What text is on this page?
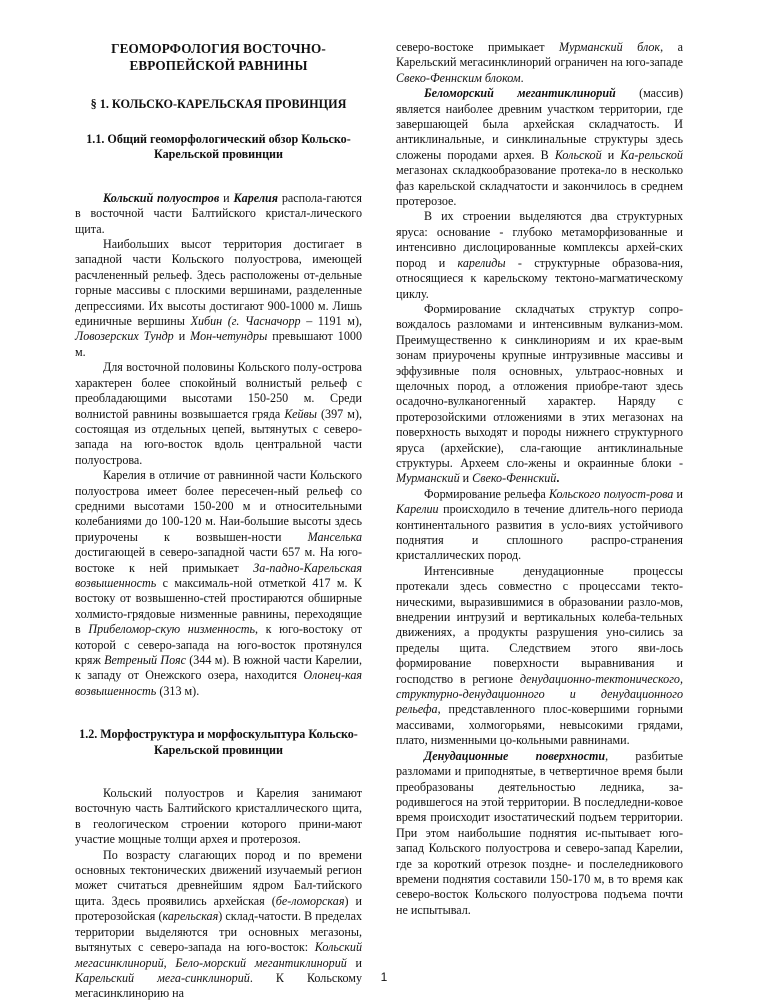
ГЕОМОРФОЛОГИЯ ВОСТОЧНО-ЕВРОПЕЙСКОЙ РАВНИНЫ
§ 1. КОЛЬСКО-КАРЕЛЬСКАЯ ПРОВИНЦИЯ
1.1. Общий геоморфологический обзор Кольско-Карельской провинции

Кольский полуостров и Карелия распола-гаются в восточной части Балтийского кристал-лического щита.

Наибольших высот территория достигает в западной части Кольского полуострова, имеющей расчлененный рельеф. Здесь расположены от-дельные горные массивы с плоскими вершинами, разделенные депрессиями. Их высоты достигают 900-1000 м. Лишь единичные вершины Хибин (г. Часначорр – 1191 м), Ловозерских Тундр и Мон-четундры превышают 1000 м.

Для восточной половины Кольского полу-острова характерен более спокойный волнистый рельеф с преобладающими высотами 150-250 м. Среди волнистой равнины возвышается гряда Кейвы (397 м), состоящая из отдельных цепей, вытянутых с северо-запада на юго-восток вдоль центральной части полуострова.

Карелия в отличие от равнинной части Кольского полуострова имеет более пересечен-ный рельеф со средними высотами 150-200 м и относительными колебаниями до 100-120 м. Наи-большие высоты здесь приурочены к возвышен-ности Манселька достигающей в северо-западной части 657 м. На юго-востоке к ней примыкает За-падно-Карельская возвышенность с максималь-ной отметкой 417 м. К востоку от возвышенно-стей простираются обширные холмисто-грядовые низменные равнины, переходящие в Прибеломор-скую низменность, к юго-востоку от которой с северо-запада на юго-восток протянулся кряж Ветреный Пояс (344 м). В южной части Карелии, к западу от Онежского озера, находится Олонец-кая возвышенность (313 м).

1.2. Морфоструктура и морфоскульптура Кольско-Карельской провинции

Кольский полуостров и Карелия занимают восточную часть Балтийского кристаллического щита, в геологическом строении которого прини-мают участие мощные толщи архея и протерозоя.

По возрасту слагающих пород и по времени основных тектонических движений изучаемый регион может считаться древнейшим ядром Бал-тийского щита. Здесь проявились архейская (бе-ломорская) и протерозойская (карельская) склад-чатости. В пределах территории выделяются три основных мегазоны, вытянутых с северо-запада на юго-восток: Кольский мегасинклинорий, Бело-морский мегантиклинорий и Карельский мега-синклинорий. К Кольскому мегасинклинорию на

северо-востоке примыкает Мурманский блок, а Карельский мегасинклинорий ограничен на юго-западе Свеко-Феннским блоком.

Беломорский мегантиклинорий (массив) является наиболее древним участком территории, где завершающей была архейская складчатость. И антиклинальные, и синклинальные структуры здесь сложены породами архея. В Кольской и Ка-рельской мегазонах складкообразование протека-ло в несколько фаз карельской складчатости и закончилось в среднем протерозое.

В их строении выделяются два структурных яруса: основание - глубоко метаморфизованные и интенсивно дислоцированные комплексы архей-ских пород и карелиды - структурные образова-ния, относящиеся к карельскому тектоно-магматическому циклу.

Формирование складчатых структур сопро-вождалось разломами и интенсивным вулканиз-мом. Преимущественно к синклинориям и их крае-вым зонам приурочены крупные интрузивные массивы и эффузивные поля основных, ультраос-новных и щелочных пород, а отложения приобре-тают здесь осадочно-вулканогенный характер. Наряду с протерозойскими отложениями в этих мегазонах на поверхность выходят и породы нижнего структурного яруса (архейские), сла-гающие антиклинальные структуры. Археем сло-жены и окраинные блоки - Мурманский и Свеко-Феннский.

Формирование рельефа Кольского полуост-рова и Карелии происходило в течение длитель-ного периода континентального развития в усло-виях устойчивого поднятия и сплошного распро-странения кристаллических пород.

Интенсивные денудационные процессы протекали здесь совместно с процессами текто-ническими, выразившимися в образовании разло-мов, внедрении интрузий и вертикальных колеба-тельных движениях, а продукты разрушения уно-сились за пределы щита. Следствием этого яви-лось формирование поверхности выравнивания и господство в регионе денудационно-тектонического, структурно-денудационного и денудационного рельефа, представленного плос-ковершими горными массивами, холмогорьями, невысокими грядами, плато, низменными цо-кольными равнинами.

Денудационные поверхности, разбитые разломами и приподнятые, в четвертичное время были преобразованы деятельностью ледника, за-родившегося на этой территории. В последледни-ковое время происходит изостатический подъем территории. При этом наибольшие поднятия ис-пытывает юго-запад Кольского полуострова и северо-запад Карелии, где за короткий отрезок поздне- и послеледникового времени поднятия составили 150-170 м, в то время как северо-восток Кольского полуострова подъема почти не испытывал.

1
